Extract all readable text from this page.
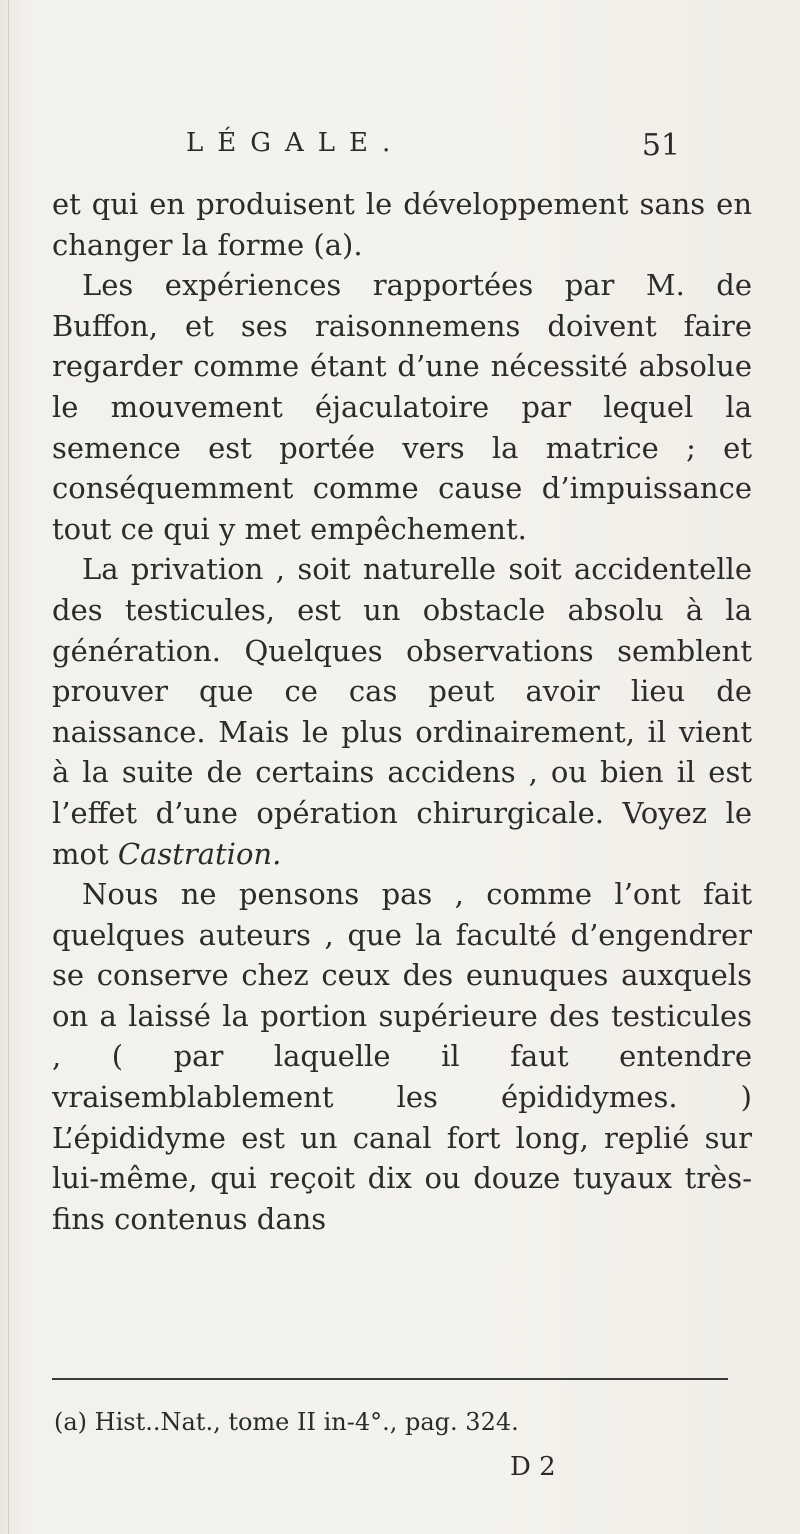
LÉGALE.	51

et qui en produisent le développement sans en changer la forme (a).

Les expériences rapportées par M. de Buffon, et ses raisonnemens doivent faire regarder comme étant d’une nécessité absolue le mouvement éjaculatoire par lequel la semence est portée vers la matrice ; et conséquemment comme cause d’impuissance tout ce qui y met empêchement.

La privation , soit naturelle soit accidentelle des testicules, est un obstacle absolu à la génération. Quelques observations semblent prouver que ce cas peut avoir lieu de naissance. Mais le plus ordinairement, il vient à la suite de certains accidens , ou bien il est l’effet d’une opération chirurgicale. Voyez le mot Castration.

Nous ne pensons pas , comme l’ont fait quelques auteurs , que la faculté d’engendrer se conserve chez ceux des eunuques auxquels on a laissé la portion supérieure des testicules , ( par laquelle il faut entendre vraisemblablement les épididymes. ) L’épididyme est un canal fort long, replié sur lui-même, qui reçoit dix ou douze tuyaux très-fins contenus dans

(a) Hist..Nat., tome II in-4°., pag. 324.
D 2
